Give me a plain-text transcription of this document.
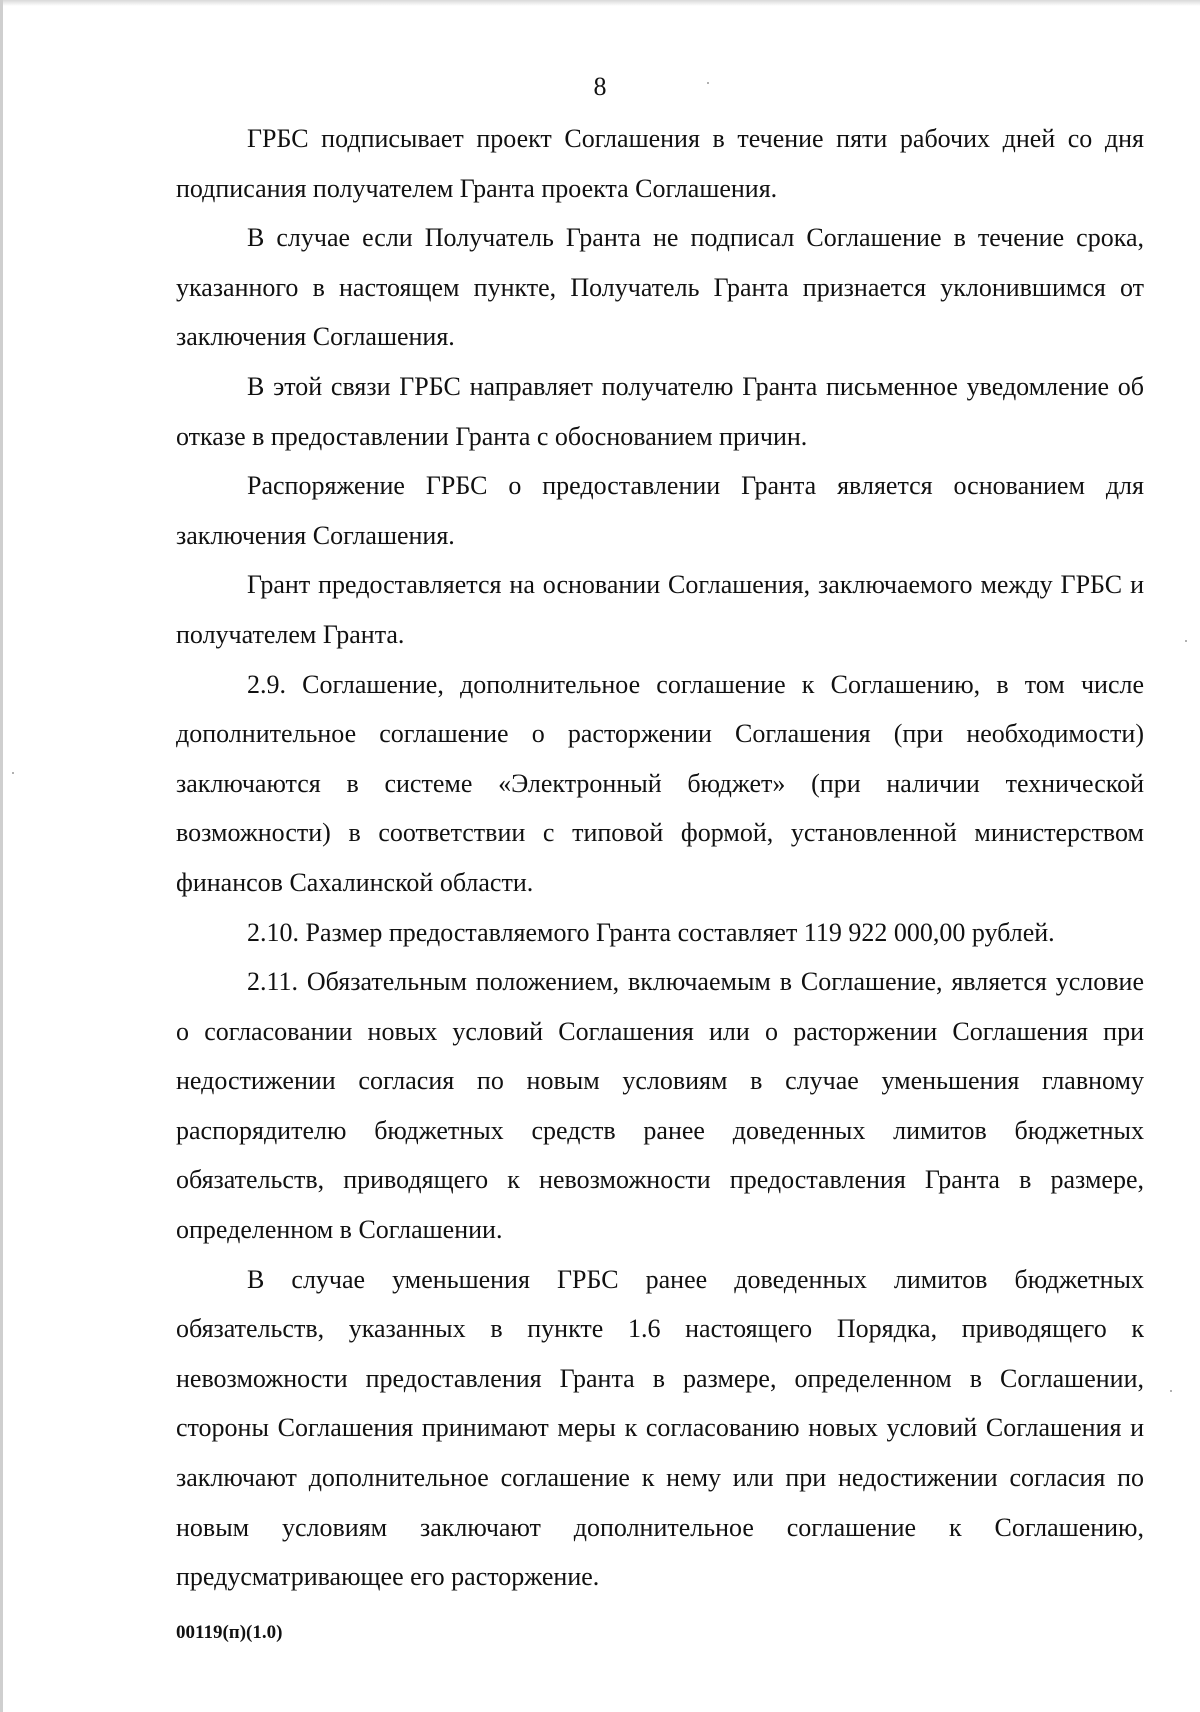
8

ГРБС подписывает проект Соглашения в течение пяти рабочих дней со дня подписания получателем Гранта проекта Соглашения.

В случае если Получатель Гранта не подписал Соглашение в течение срока, указанного в настоящем пункте, Получатель Гранта признается уклонившимся от заключения Соглашения.

В этой связи ГРБС направляет получателю Гранта письменное уведомление об отказе в предоставлении Гранта с обоснованием причин.

Распоряжение ГРБС о предоставлении Гранта является основанием для заключения Соглашения.

Грант предоставляется на основании Соглашения, заключаемого между ГРБС и получателем Гранта.

2.9. Соглашение, дополнительное соглашение к Соглашению, в том числе дополнительное соглашение о расторжении Соглашения (при необходимости) заключаются в системе «Электронный бюджет» (при наличии технической возможности) в соответствии с типовой формой, установленной министерством финансов Сахалинской области.

2.10. Размер предоставляемого Гранта составляет 119 922 000,00 рублей.

2.11. Обязательным положением, включаемым в Соглашение, является условие о согласовании новых условий Соглашения или о расторжении Соглашения при недостижении согласия по новым условиям в случае уменьшения главному распорядителю бюджетных средств ранее доведенных лимитов бюджетных обязательств, приводящего к невозможности предоставления Гранта в размере, определенном в Соглашении.

В случае уменьшения ГРБС ранее доведенных лимитов бюджетных обязательств, указанных в пункте 1.6 настоящего Порядка, приводящего к невозможности предоставления Гранта в размере, определенном в Соглашении, стороны Соглашения принимают меры к согласованию новых условий Соглашения и заключают дополнительное соглашение к нему или при недостижении согласия по новым условиям заключают дополнительное соглашение к Соглашению, предусматривающее его расторжение.

00119(п)(1.0)
